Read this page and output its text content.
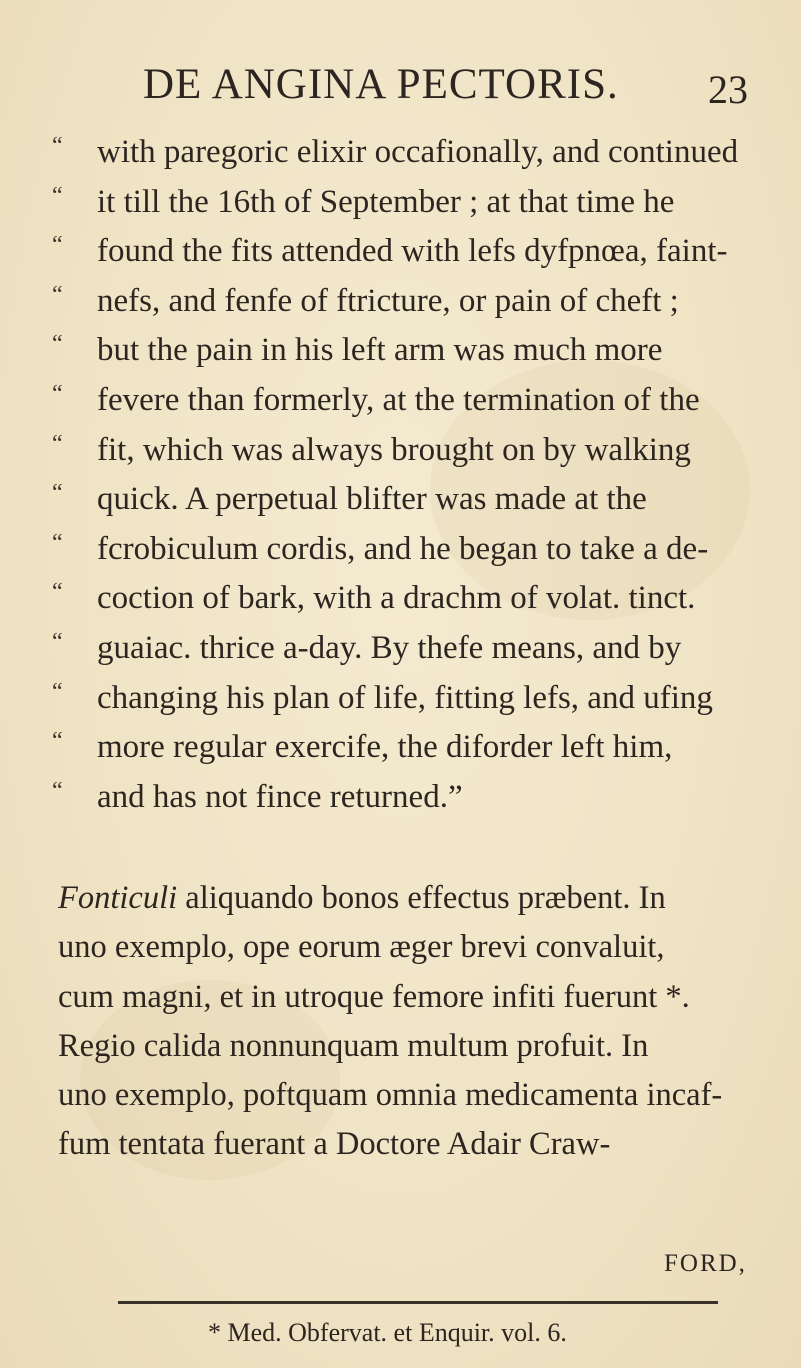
DE ANGINA PECTORIS. 23
“ with paregoric elixir occafionally, and continued
“ it till the 16th of September ; at that time he
“ found the fits attended with lefs dyfpnœa, faint-
“ nefs, and fenfe of ftricture, or pain of cheft ;
“ but the pain in his left arm was much more
“ fevere than formerly, at the termination of the
“ fit, which was always brought on by walking
“ quick. A perpetual blifter was made at the
“ fcrobiculum cordis, and he began to take a de-
“ coction of bark, with a drachm of volat. tinct.
“ guaiac. thrice a-day. By thefe means, and by
“ changing his plan of life, fitting lefs, and ufing
“ more regular exercife, the diforder left him,
“ and has not fince returned.”
Fonticuli aliquando bonos effectus præbent. In
uno exemplo, ope eorum æger brevi convaluit,
cum magni, et in utroque femore infiti fuerunt *.
Regio calida nonnunquam multum profuit. In
uno exemplo, poftquam omnia medicamenta incaf-
fum tentata fuerant a Doctore Adair Craw-
FORD,
* Med. Obfervat. et Enquir. vol. 6.
